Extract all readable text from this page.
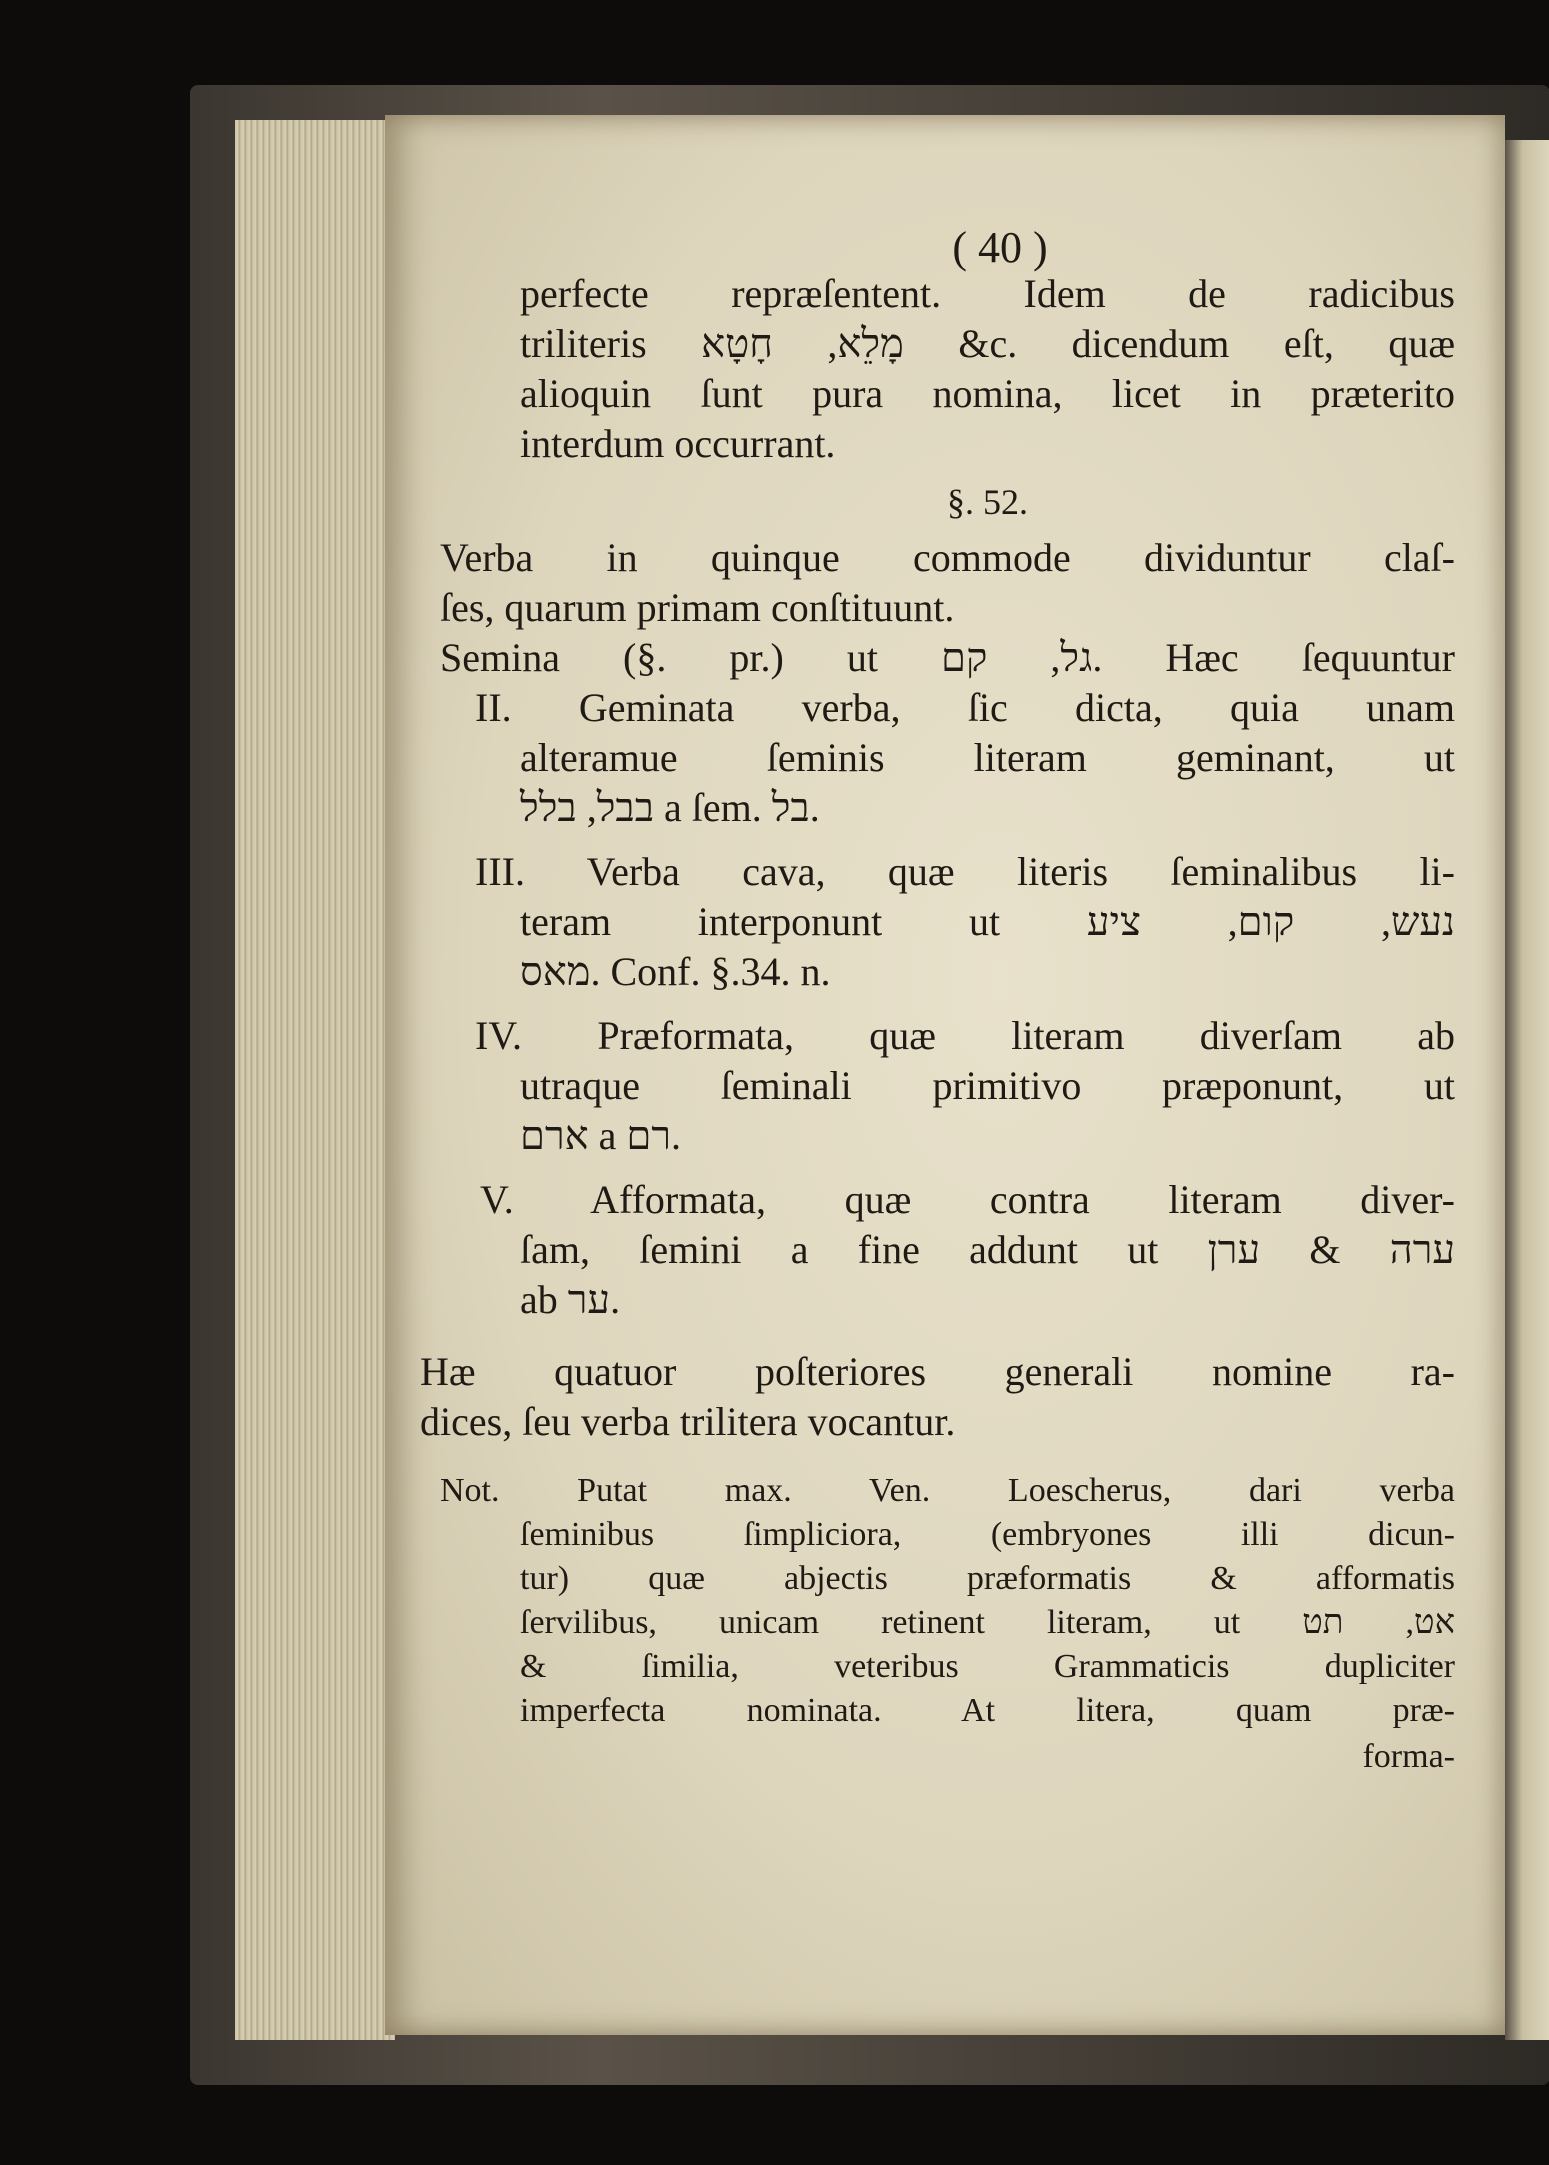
( 40 )
perfecte repræſentent. Idem de radicibus
triliteris מָלֵא, חָטָא &c. dicendum eſt, quæ
alioquin ſunt pura nomina, licet in præterito
interdum occurrant.
§. 52.
Verba in quinque commode dividuntur claſ-
ſes, quarum primam conſtituunt.
Semina (§. pr.) ut גל, קם. Hæc ſequuntur
II. Geminata verba, ſic dicta, quia unam
alteramue ſeminis literam geminant, ut
בבל, בלל a ſem. בל.
III. Verba cava, quæ literis ſeminalibus li-
teram interponunt ut נעש, קום, ציע
מאס. Conf. §.34. n.
IV. Præformata, quæ literam diverſam ab
utraque ſeminali primitivo præponunt, ut
ארם a רם.
V. Afformata, quæ contra literam diver-
ſam, ſemini a fine addunt ut ערה & ערן
ab ער.
Hæ quatuor poſteriores generali nomine ra-
dices, ſeu verba trilitera vocantur.
Not. Putat max. Ven. Loescherus, dari verba
ſeminibus ſimpliciora, (embryones illi dicun-
tur) quæ abjectis præformatis & afformatis
ſervilibus, unicam retinent literam, ut אט, תט
& ſimilia, veteribus Grammaticis dupliciter
imperfecta nominata. At litera, quam præ-
forma-
